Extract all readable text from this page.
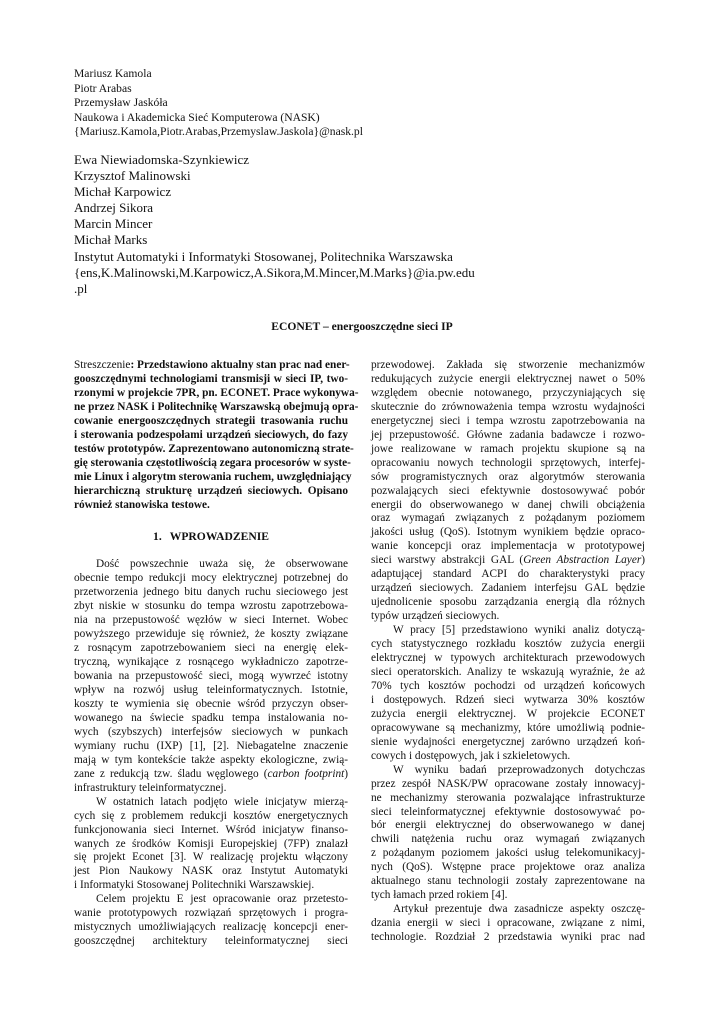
Mariusz Kamola
Piotr Arabas
Przemysław Jaskóła
Naukowa i Akademicka Sieć Komputerowa (NASK)
{Mariusz.Kamola,Piotr.Arabas,Przemyslaw.Jaskola}@nask.pl
Ewa Niewiadomska-Szynkiewicz
Krzysztof Malinowski
Michał Karpowicz
Andrzej Sikora
Marcin Mincer
Michał Marks
Instytut Automatyki i Informatyki Stosowanej, Politechnika Warszawska
{ens,K.Malinowski,M.Karpowicz,A.Sikora,M.Mincer,M.Marks}@ia.pw.edu
.pl
ECONET – energooszczędne sieci IP
Streszczenie: Przedstawiono aktualny stan prac nad ener-
gooszczędnymi technologiami transmisji w sieci IP, two-
rzonymi w projekcie 7PR, pn. ECONET. Prace wykonywa-
ne przez NASK i Politechnikę Warszawską obejmują opra-
cowanie energooszczędnych strategii trasowania ruchu
i sterowania podzespołami urządzeń sieciowych, do fazy
testów prototypów. Zaprezentowano autonomiczną strate-
gię sterowania częstotliwością zegara procesorów w syste-
mie Linux i algorytm sterowania ruchem, uwzględniający
hierarchiczną strukturę urządzeń sieciowych. Opisano
również stanowiska testowe.
1. WPROWADZENIE
Dość powszechnie uważa się, że obserwowane
obecnie tempo redukcji mocy elektrycznej potrzebnej do
przetworzenia jednego bitu danych ruchu sieciowego jest
zbyt niskie w stosunku do tempa wzrostu zapotrzebowa-
nia na przepustowość węzłów w sieci Internet. Wobec
powyższego przewiduje się również, że koszty związane
z rosnącym zapotrzebowaniem sieci na energię elek-
tryczną, wynikające z rosnącego wykładniczo zapotrze-
bowania na przepustowość sieci, mogą wywrzeć istotny
wpływ na rozwój usług teleinformatycznych. Istotnie,
koszty te wymienia się obecnie wśród przyczyn obser-
wowanego na świecie spadku tempa instalowania no-
wych (szybszych) interfejsów sieciowych w punkach
wymiany ruchu (IXP) [1], [2]. Niebagatelne znaczenie
mają w tym kontekście także aspekty ekologiczne, zwią-
zane z redukcją tzw. śladu węglowego (carbon footprint)
infrastruktury teleinformatycznej.
W ostatnich latach podjęto wiele inicjatyw mierzą-
cych się z problemem redukcji kosztów energetycznych
funkcjonowania sieci Internet. Wśród inicjatyw finanso-
wanych ze środków Komisji Europejskiej (7FP) znalazł
się projekt Econet [3]. W realizację projektu włączony
jest Pion Naukowy NASK oraz Instytut Automatyki
i Informatyki Stosowanej Politechniki Warszawskiej.
Celem projektu E jest opracowanie oraz przetesto-
wanie prototypowych rozwiązań sprzętowych i progra-
mistycznych umożliwiających realizację koncepcji ener-
gooszczędnej architektury teleinformatycznej sieci
przewodowej. Zakłada się stworzenie mechanizmów
redukujących zużycie energii elektrycznej nawet o 50%
względem obecnie notowanego, przyczyniających się
skutecznie do zrównoważenia tempa wzrostu wydajności
energetycznej sieci i tempa wzrostu zapotrzebowania na
jej przepustowość. Główne zadania badawcze i rozwo-
jowe realizowane w ramach projektu skupione są na
opracowaniu nowych technologii sprzętowych, interfej-
sów programistycznych oraz algorytmów sterowania
pozwalających sieci efektywnie dostosowywać pobór
energii do obserwowanego w danej chwili obciążenia
oraz wymagań związanych z pożądanym poziomem
jakości usług (QoS). Istotnym wynikiem będzie opraco-
wanie koncepcji oraz implementacja w prototypowej
sieci warstwy abstrakcji GAL (Green Abstraction Layer)
adaptującej standard ACPI do charakterystyki pracy
urządzeń sieciowych. Zadaniem interfejsu GAL będzie
ujednolicenie sposobu zarządzania energią dla różnych
typów urządzeń sieciowych.
W pracy [5] przedstawiono wyniki analiz dotyczą-
cych statystycznego rozkładu kosztów zużycia energii
elektrycznej w typowych architekturach przewodowych
sieci operatorskich. Analizy te wskazują wyraźnie, że aż
70% tych kosztów pochodzi od urządzeń końcowych
i dostępowych. Rdzeń sieci wytwarza 30% kosztów
zużycia energii elektrycznej. W projekcie ECONET
opracowywane są mechanizmy, które umożliwią podnie-
sienie wydajności energetycznej zarówno urządzeń koń-
cowych i dostępowych, jak i szkieletowych.
W wyniku badań przeprowadzonych dotychczas
przez zespół NASK/PW opracowane zostały innowacyj-
ne mechanizmy sterowania pozwalające infrastrukturze
sieci teleinformatycznej efektywnie dostosowywać po-
bór energii elektrycznej do obserwowanego w danej
chwili natężenia ruchu oraz wymagań związanych
z pożądanym poziomem jakości usług telekomunikacyj-
nych (QoS). Wstępne prace projektowe oraz analiza
aktualnego stanu technologii zostały zaprezentowane na
tych łamach przed rokiem [4].
Artykuł prezentuje dwa zasadnicze aspekty oszczę-
dzania energii w sieci i opracowane, związane z nimi,
technologie. Rozdział 2 przedstawia wyniki prac nad
